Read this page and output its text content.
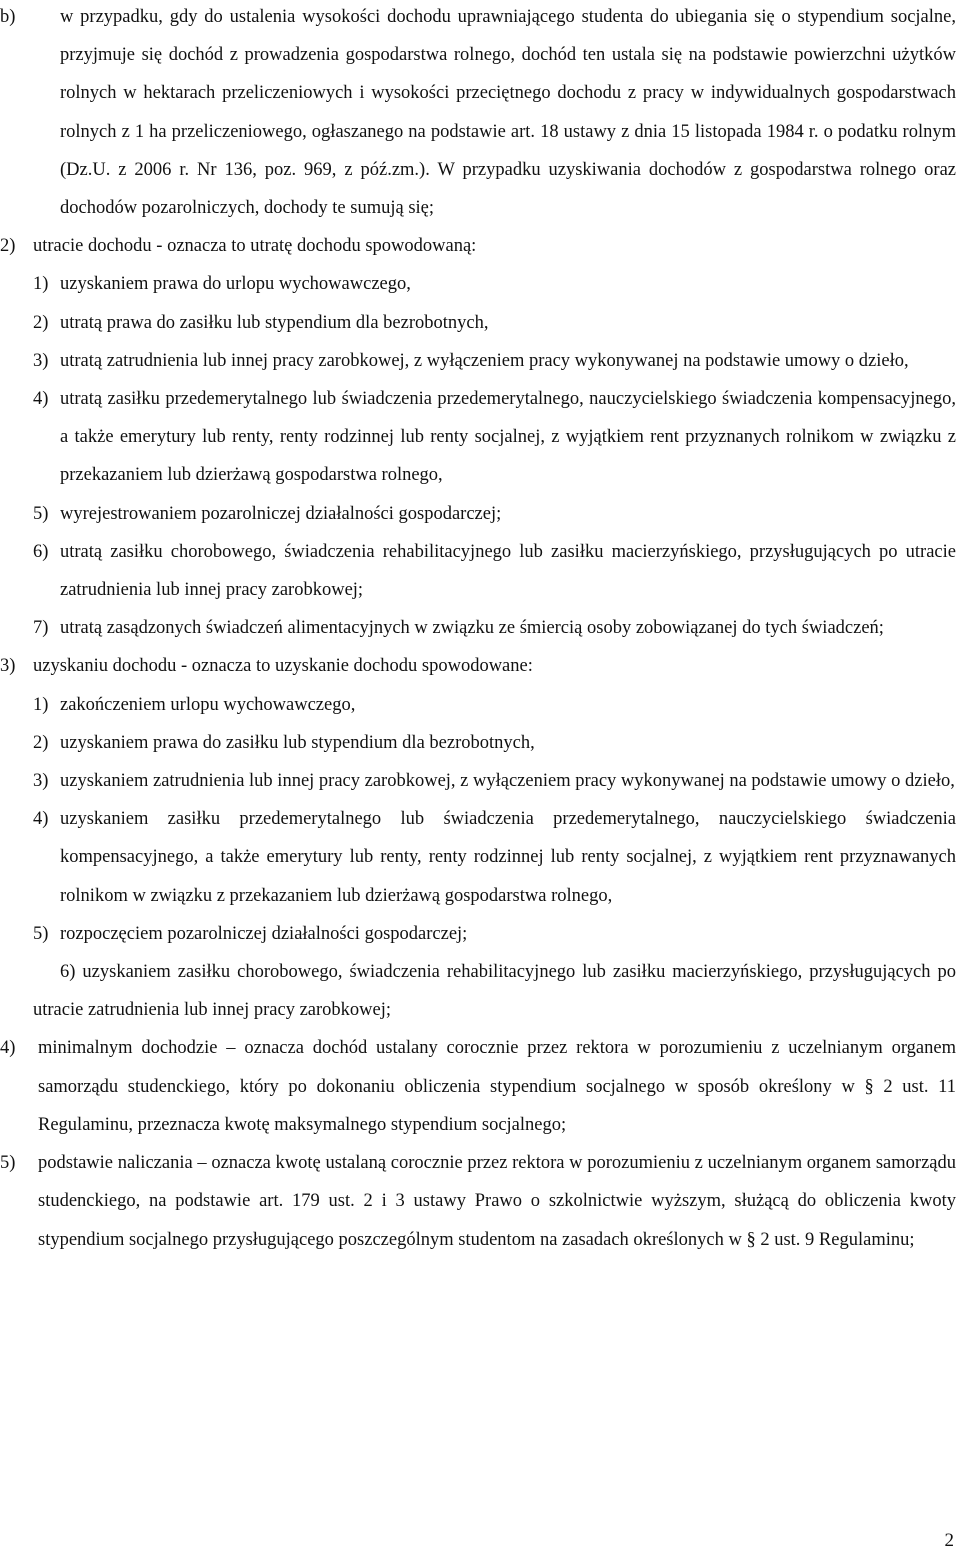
b) w przypadku, gdy do ustalenia wysokości dochodu uprawniającego studenta do ubiegania się o stypendium socjalne, przyjmuje się dochód z prowadzenia gospodarstwa rolnego, dochód ten ustala się na podstawie powierzchni użytków rolnych w hektarach przeliczeniowych i wysokości przeciętnego dochodu z pracy w indywidualnych gospodarstwach rolnych z 1 ha przeliczeniowego, ogłaszanego na podstawie art. 18 ustawy z dnia 15 listopada 1984 r. o podatku rolnym (Dz.U. z 2006 r. Nr 136, poz. 969, z póź.zm.). W przypadku uzyskiwania dochodów z gospodarstwa rolnego oraz dochodów pozarolniczych, dochody te sumują się;

2) utracie dochodu - oznacza to utratę dochodu spowodowaną:

1) uzyskaniem prawa do urlopu wychowawczego,

2) utratą prawa do zasiłku lub stypendium dla bezrobotnych,

3) utratą zatrudnienia lub innej pracy zarobkowej, z wyłączeniem pracy wykonywanej na podstawie umowy o dzieło,

4) utratą zasiłku przedemerytalnego lub świadczenia przedemerytalnego, nauczycielskiego świadczenia kompensacyjnego, a także emerytury lub renty, renty rodzinnej lub renty socjalnej, z wyjątkiem rent przyznanych rolnikom w związku z przekazaniem lub dzierżawą gospodarstwa rolnego,

5) wyrejestrowaniem pozarolniczej działalności gospodarczej;

6) utratą zasiłku chorobowego, świadczenia rehabilitacyjnego lub zasiłku macierzyńskiego, przysługujących po utracie zatrudnienia lub innej pracy zarobkowej;

7) utratą zasądzonych świadczeń alimentacyjnych w związku ze śmiercią osoby zobowiązanej do tych świadczeń;

3) uzyskaniu dochodu - oznacza to uzyskanie dochodu spowodowane:

1) zakończeniem urlopu wychowawczego,

2) uzyskaniem prawa do zasiłku lub stypendium dla bezrobotnych,

3) uzyskaniem zatrudnienia lub innej pracy zarobkowej, z wyłączeniem pracy wykonywanej na podstawie umowy o dzieło,

4) uzyskaniem zasiłku przedemerytalnego lub świadczenia przedemerytalnego, nauczycielskiego świadczenia kompensacyjnego, a także emerytury lub renty, renty rodzinnej lub renty socjalnej, z wyjątkiem rent przyznawanych rolnikom w związku z przekazaniem lub dzierżawą gospodarstwa rolnego,

5) rozpoczęciem pozarolniczej działalności gospodarczej;

6) uzyskaniem zasiłku chorobowego, świadczenia rehabilitacyjnego lub zasiłku macierzyńskiego, przysługujących po utracie zatrudnienia lub innej pracy zarobkowej;

4) minimalnym dochodzie – oznacza dochód ustalany corocznie przez rektora w porozumieniu z uczelnianym organem samorządu studenckiego, który po dokonaniu obliczenia stypendium socjalnego w sposób określony w § 2 ust. 11 Regulaminu, przeznacza kwotę maksymalnego stypendium socjalnego;

5) podstawie naliczania – oznacza kwotę ustalaną corocznie przez rektora w porozumieniu z uczelnianym organem samorządu studenckiego, na podstawie art. 179 ust. 2 i 3 ustawy Prawo o szkolnictwie wyższym, służącą do obliczenia kwoty stypendium socjalnego przysługującego poszczególnym studentom na zasadach określonych w § 2 ust. 9 Regulaminu;

2
